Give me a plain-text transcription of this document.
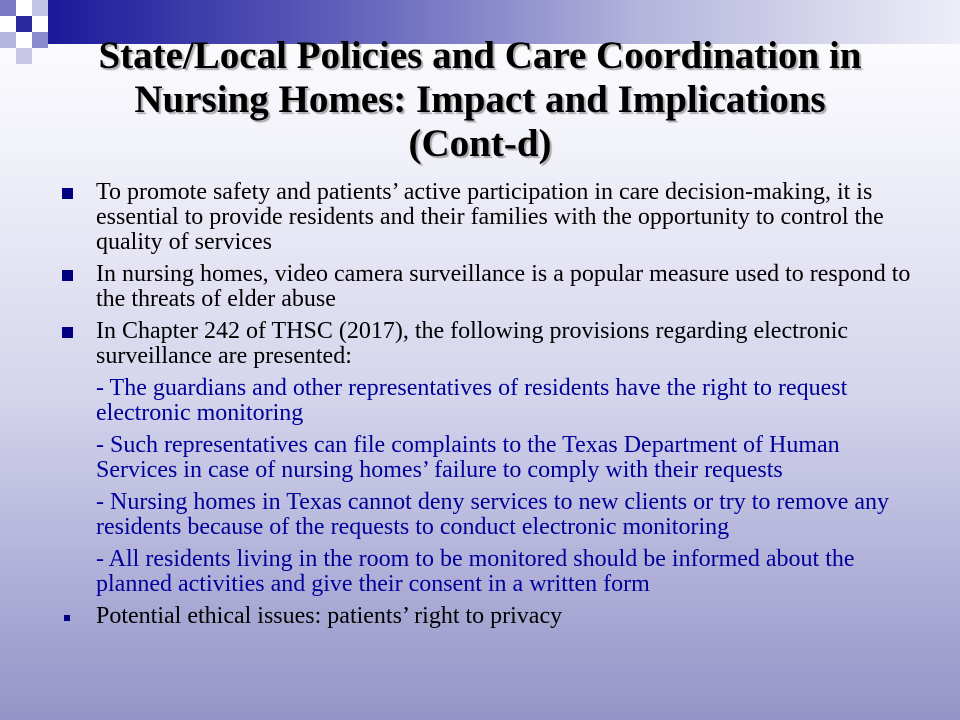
State/Local Policies and Care Coordination in
Nursing Homes: Impact and Implications
(Cont-d)
To promote safety and patients’ active participation in care decision-making, it is essential to provide residents and their families with the opportunity to control the quality of services
In nursing homes, video camera surveillance is a popular measure used to respond to the threats of elder abuse
In Chapter 242 of THSC (2017), the following provisions regarding electronic surveillance are presented:
- The guardians and other representatives of residents have the right to request electronic monitoring
- Such representatives can file complaints to the Texas Department of Human Services in case of nursing homes’ failure to comply with their requests
- Nursing homes in Texas cannot deny services to new clients or try to remove any residents because of the requests to conduct electronic monitoring
- All residents living in the room to be monitored should be informed about the planned activities and give their consent in a written form
Potential ethical issues: patients’ right to privacy
